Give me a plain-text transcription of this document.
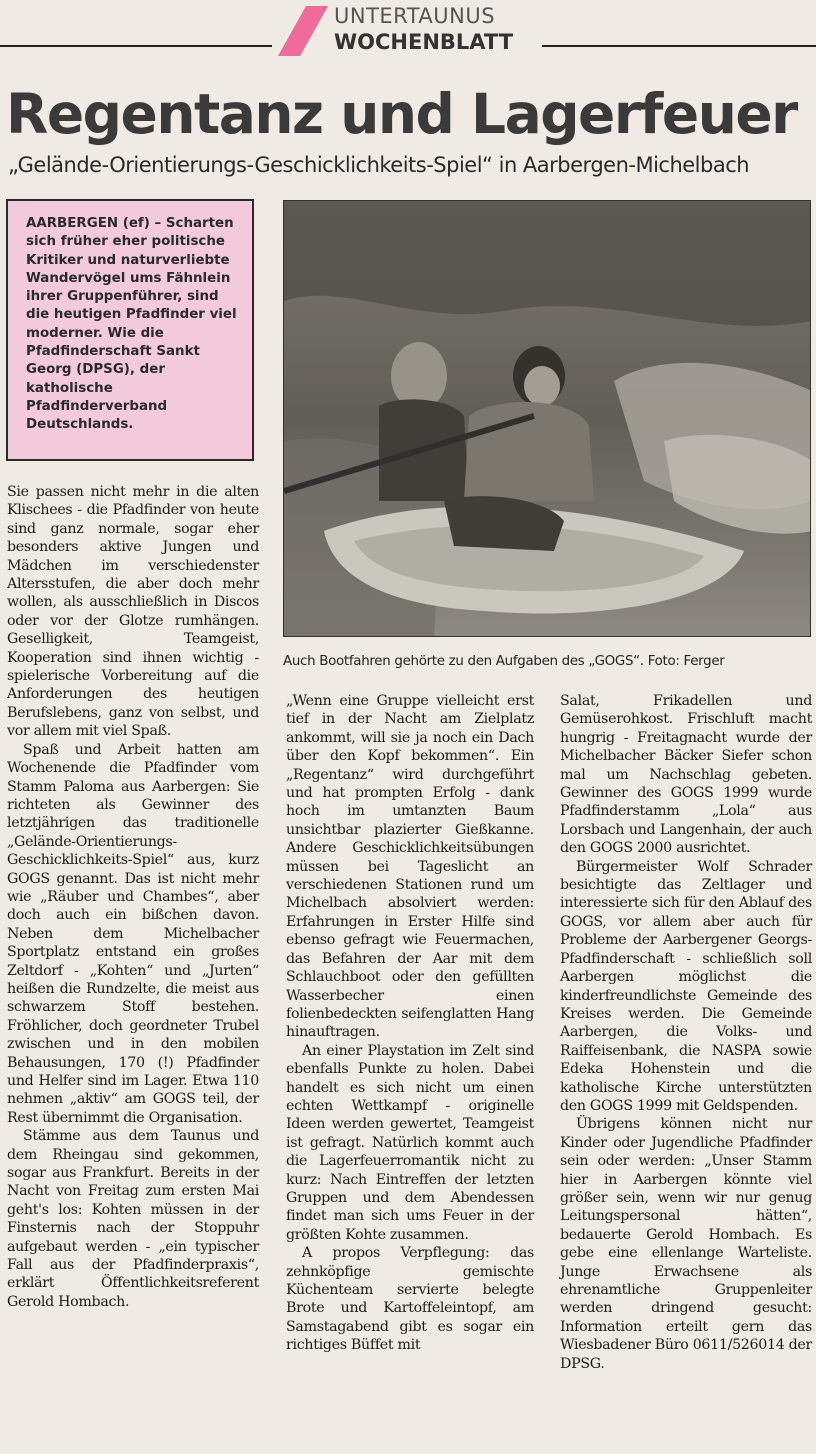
UNTERTAUNUS
WOCHENBLATT
Regentanz und Lagerfeuer
„Gelände-Orientierungs-Geschicklichkeits-Spiel“ in Aarbergen-Michelbach
AARBERGEN (ef) – Scharten sich früher eher politische Kritiker und naturverliebte Wandervögel ums Fähnlein ihrer Gruppenführer, sind die heutigen Pfadfinder viel moderner. Wie die Pfadfinderschaft Sankt Georg (DPSG), der katholische Pfadfinderverband Deutschlands.
Auch Bootfahren gehörte zu den Aufgaben des „GOGS“. Foto: Ferger

Sie passen nicht mehr in die alten Klischees - die Pfadfinder von heute sind ganz normale, sogar eher besonders aktive Jungen und Mädchen im verschiedenster Altersstufen, die aber doch mehr wollen, als ausschließlich in Discos oder vor der Glotze rumhängen. Geselligkeit, Teamgeist, Kooperation sind ihnen wichtig - spielerische Vorbereitung auf die Anforderungen des heutigen Berufslebens, ganz von selbst, und vor allem mit viel Spaß.

Spaß und Arbeit hatten am Wochenende die Pfadfinder vom Stamm Paloma aus Aarbergen: Sie richteten als Gewinner des letztjährigen das traditionelle „Gelände-Orientierungs-Geschicklichkeits-Spiel“ aus, kurz GOGS genannt. Das ist nicht mehr wie „Räuber und Chambes“, aber doch auch ein bißchen davon. Neben dem Michelbacher Sportplatz entstand ein großes Zeltdorf - „Kohten“ und „Jurten“ heißen die Rundzelte, die meist aus schwarzem Stoff bestehen. Fröhlicher, doch geordneter Trubel zwischen und in den mobilen Behausungen, 170 (!) Pfadfinder und Helfer sind im Lager. Etwa 110 nehmen „aktiv“ am GOGS teil, der Rest übernimmt die Organisation.

Stämme aus dem Taunus und dem Rheingau sind gekommen, sogar aus Frankfurt. Bereits in der Nacht von Freitag zum ersten Mai geht's los: Kohten müssen in der Finsternis nach der Stoppuhr aufgebaut werden - „ein typischer Fall aus der Pfadfinderpraxis“, erklärt Öffentlichkeitsreferent Gerold Hombach.

„Wenn eine Gruppe vielleicht erst tief in der Nacht am Zielplatz ankommt, will sie ja noch ein Dach über den Kopf bekommen“. Ein „Regentanz“ wird durchgeführt und hat prompten Erfolg - dank hoch im umtanzten Baum unsichtbar plazierter Gießkanne. Andere Geschicklichkeitsübungen müssen bei Tageslicht an verschiedenen Stationen rund um Michelbach absolviert werden: Erfahrungen in Erster Hilfe sind ebenso gefragt wie Feuermachen, das Befahren der Aar mit dem Schlauchboot oder den gefüllten Wasserbecher einen folienbedeckten seifenglatten Hang hinauftragen.

An einer Playstation im Zelt sind ebenfalls Punkte zu holen. Dabei handelt es sich nicht um einen echten Wettkampf - originelle Ideen werden gewertet, Teamgeist ist gefragt. Natürlich kommt auch die Lagerfeuerromantik nicht zu kurz: Nach Eintreffen der letzten Gruppen und dem Abendessen findet man sich ums Feuer in der größten Kohte zusammen.

A propos Verpflegung: das zehnköpfige gemischte Küchenteam servierte belegte Brote und Kartoffeleintopf, am Samstagabend gibt es sogar ein richtiges Büffet mit

Salat, Frikadellen und Gemüserohkost. Frischluft macht hungrig - Freitagnacht wurde der Michelbacher Bäcker Siefer schon mal um Nachschlag gebeten. Gewinner des GOGS 1999 wurde Pfadfinderstamm „Lola“ aus Lorsbach und Langenhain, der auch den GOGS 2000 ausrichtet.

Bürgermeister Wolf Schrader besichtigte das Zeltlager und interessierte sich für den Ablauf des GOGS, vor allem aber auch für Probleme der Aarbergener Georgs-Pfadfinderschaft - schließlich soll Aarbergen möglichst die kinderfreundlichste Gemeinde des Kreises werden. Die Gemeinde Aarbergen, die Volks- und Raiffeisenbank, die NASPA sowie Edeka Hohenstein und die katholische Kirche unterstützten den GOGS 1999 mit Geldspenden.

Übrigens können nicht nur Kinder oder Jugendliche Pfadfinder sein oder werden: „Unser Stamm hier in Aarbergen könnte viel größer sein, wenn wir nur genug Leitungspersonal hätten“, bedauerte Gerold Hombach. Es gebe eine ellenlange Warteliste. Junge Erwachsene als ehrenamtliche Gruppenleiter werden dringend gesucht: Information erteilt gern das Wiesbadener Büro 0611/526014 der DPSG.
